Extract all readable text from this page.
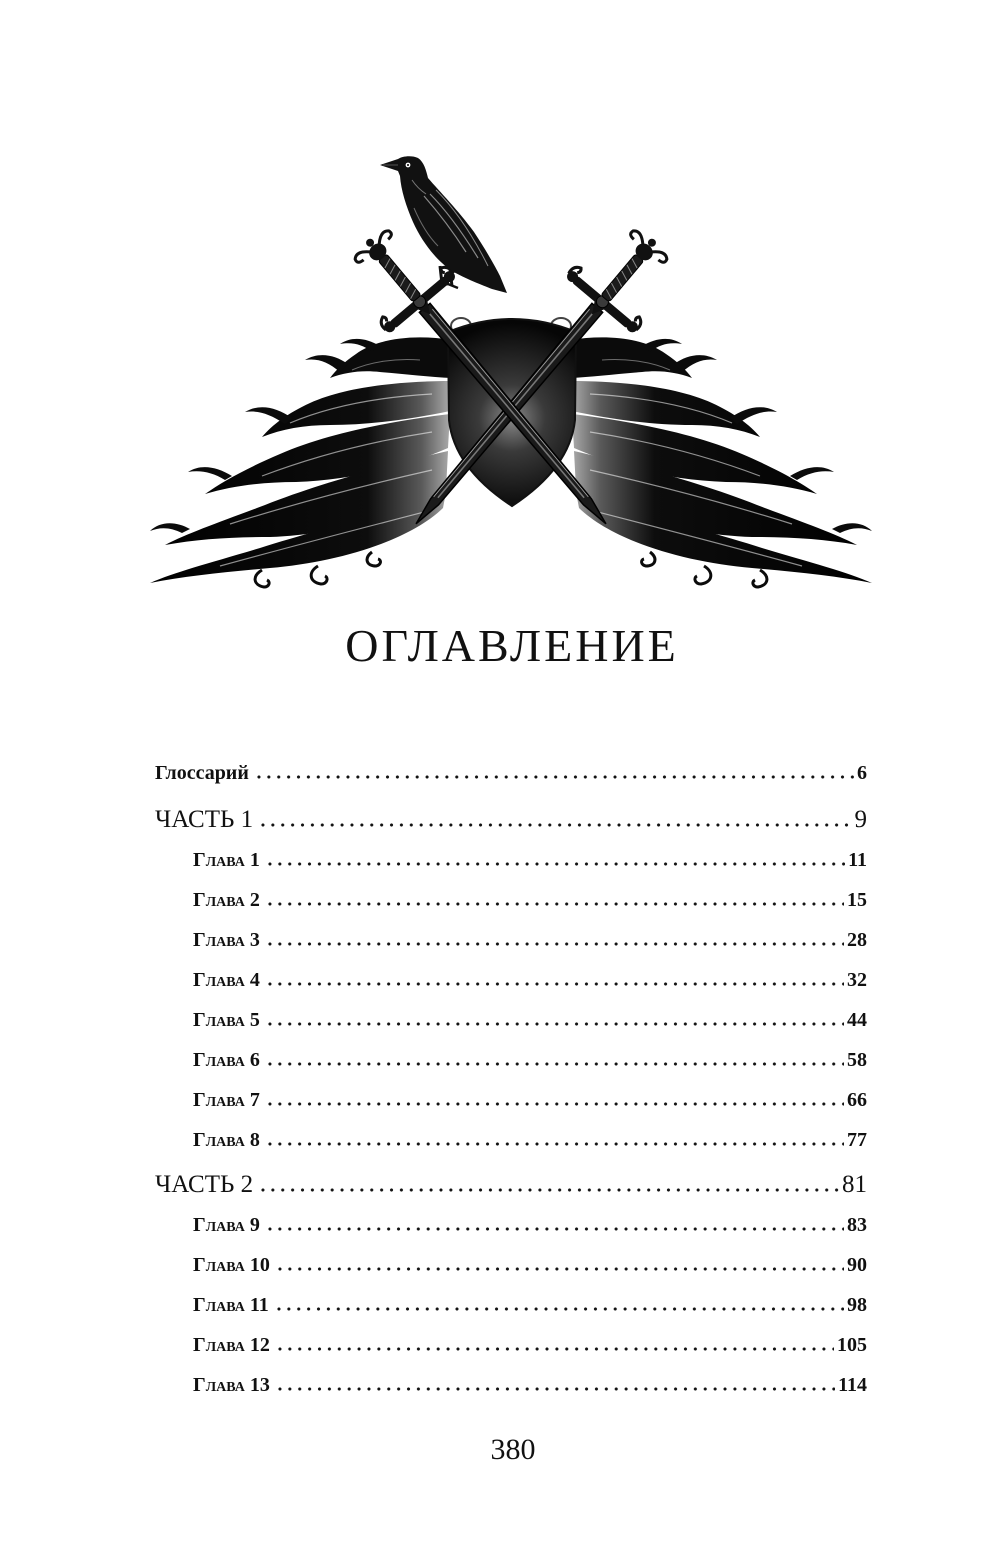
ОГЛАВЛЕНИЕ
Глоссарий	6
ЧАСТЬ 1	9
Глава 1	11
Глава 2	15
Глава 3	28
Глава 4	32
Глава 5	44
Глава 6	58
Глава 7	66
Глава 8	77
ЧАСТЬ 2	81
Глава 9	83
Глава 10	90
Глава 11	98
Глава 12	105
Глава 13	114
380
